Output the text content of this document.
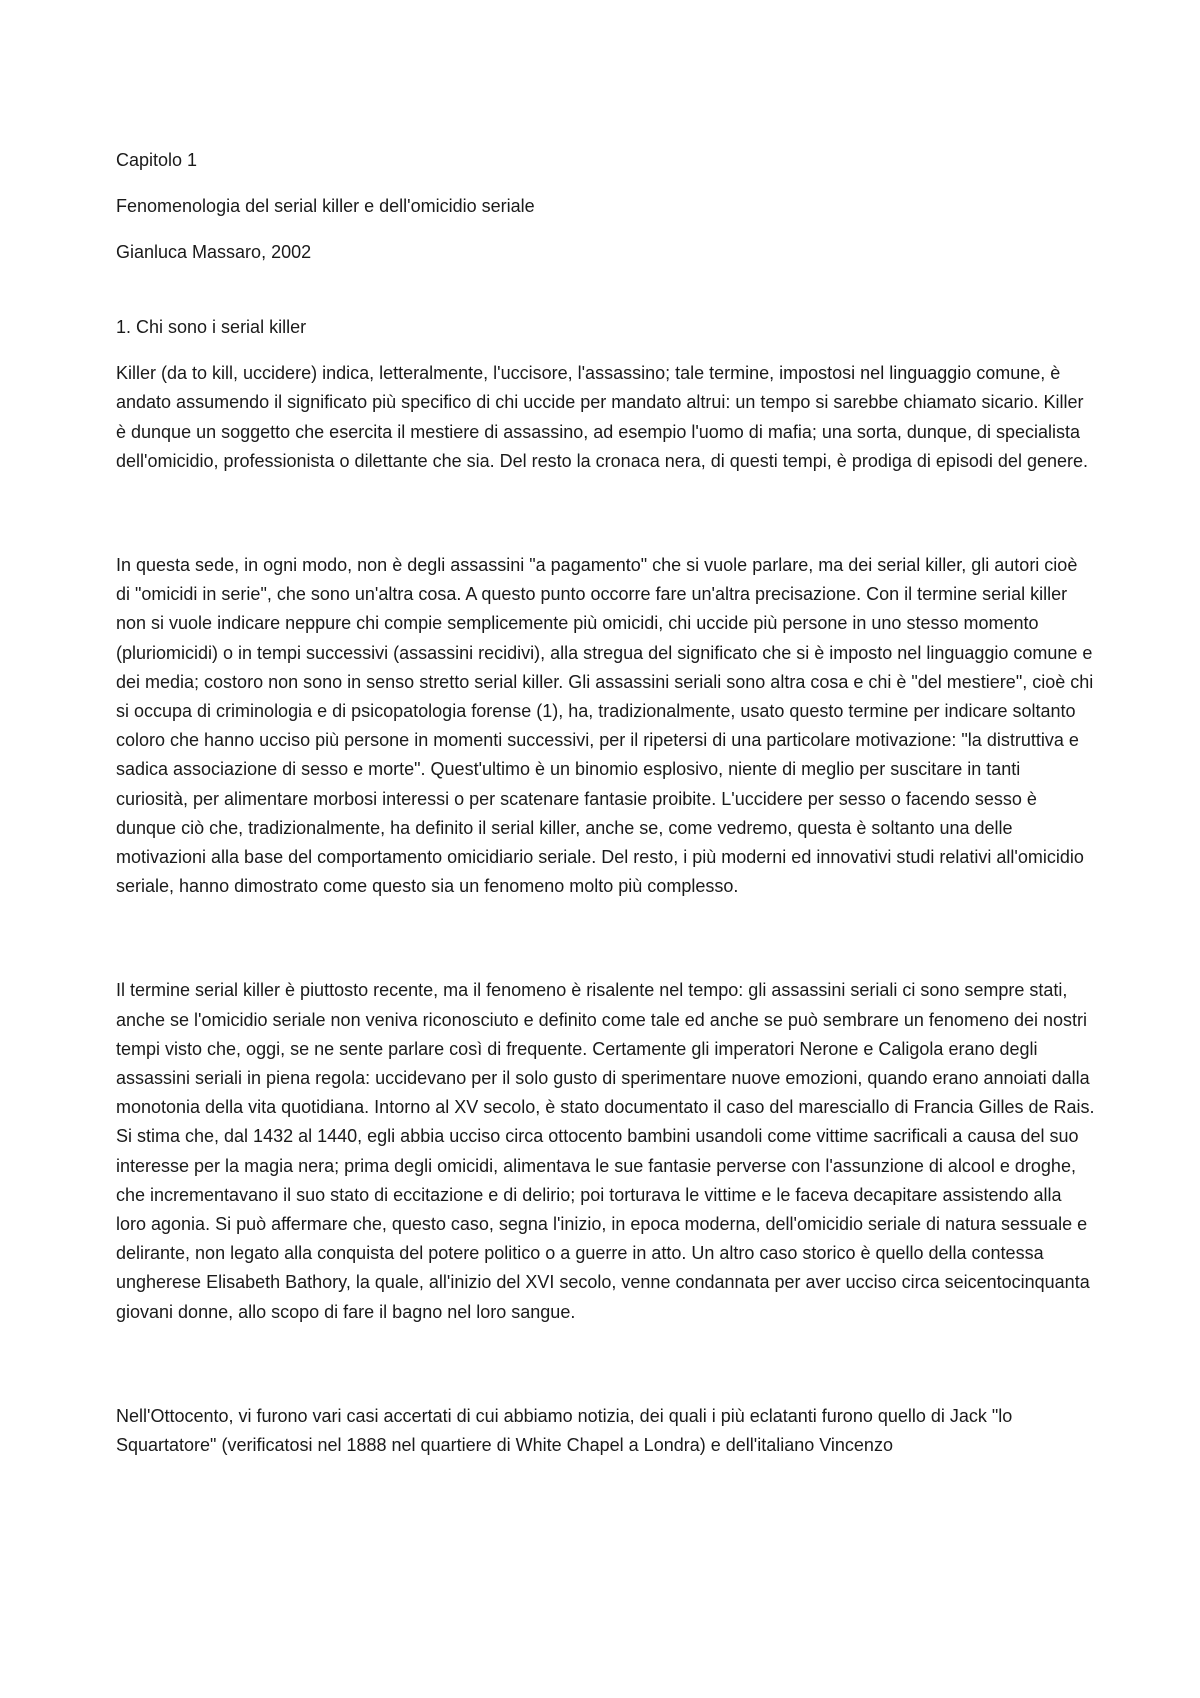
Capitolo 1

Fenomenologia del serial killer e dell'omicidio seriale

Gianluca Massaro, 2002

1. Chi sono i serial killer

Killer (da to kill, uccidere) indica, letteralmente, l'uccisore, l'assassino; tale termine, impostosi nel linguaggio comune, è andato assumendo il significato più specifico di chi uccide per mandato altrui: un tempo si sarebbe chiamato sicario. Killer è dunque un soggetto che esercita il mestiere di assassino, ad esempio l'uomo di mafia; una sorta, dunque, di specialista dell'omicidio, professionista o dilettante che sia. Del resto la cronaca nera, di questi tempi, è prodiga di episodi del genere.

In questa sede, in ogni modo, non è degli assassini "a pagamento" che si vuole parlare, ma dei serial killer, gli autori cioè di "omicidi in serie", che sono un'altra cosa. A questo punto occorre fare un'altra precisazione. Con il termine serial killer non si vuole indicare neppure chi compie semplicemente più omicidi, chi uccide più persone in uno stesso momento (pluriomicidi) o in tempi successivi (assassini recidivi), alla stregua del significato che si è imposto nel linguaggio comune e dei media; costoro non sono in senso stretto serial killer. Gli assassini seriali sono altra cosa e chi è "del mestiere", cioè chi si occupa di criminologia e di psicopatologia forense (1), ha, tradizionalmente, usato questo termine per indicare soltanto coloro che hanno ucciso più persone in momenti successivi, per il ripetersi di una particolare motivazione: "la distruttiva e sadica associazione di sesso e morte". Quest'ultimo è un binomio esplosivo, niente di meglio per suscitare in tanti curiosità, per alimentare morbosi interessi o per scatenare fantasie proibite. L'uccidere per sesso o facendo sesso è dunque ciò che, tradizionalmente, ha definito il serial killer, anche se, come vedremo, questa è soltanto una delle motivazioni alla base del comportamento omicidiario seriale. Del resto, i più moderni ed innovativi studi relativi all'omicidio seriale, hanno dimostrato come questo sia un fenomeno molto più complesso.

Il termine serial killer è piuttosto recente, ma il fenomeno è risalente nel tempo: gli assassini seriali ci sono sempre stati, anche se l'omicidio seriale non veniva riconosciuto e definito come tale ed anche se può sembrare un fenomeno dei nostri tempi visto che, oggi, se ne sente parlare così di frequente. Certamente gli imperatori Nerone e Caligola erano degli assassini seriali in piena regola: uccidevano per il solo gusto di sperimentare nuove emozioni, quando erano annoiati dalla monotonia della vita quotidiana. Intorno al XV secolo, è stato documentato il caso del maresciallo di Francia Gilles de Rais. Si stima che, dal 1432 al 1440, egli abbia ucciso circa ottocento bambini usandoli come vittime sacrificali a causa del suo interesse per la magia nera; prima degli omicidi, alimentava le sue fantasie perverse con l'assunzione di alcool e droghe, che incrementavano il suo stato di eccitazione e di delirio; poi torturava le vittime e le faceva decapitare assistendo alla loro agonia. Si può affermare che, questo caso, segna l'inizio, in epoca moderna, dell'omicidio seriale di natura sessuale e delirante, non legato alla conquista del potere politico o a guerre in atto. Un altro caso storico è quello della contessa ungherese Elisabeth Bathory, la quale, all'inizio del XVI secolo, venne condannata per aver ucciso circa seicentocinquanta giovani donne, allo scopo di fare il bagno nel loro sangue.

Nell'Ottocento, vi furono vari casi accertati di cui abbiamo notizia, dei quali i più eclatanti furono quello di Jack "lo Squartatore" (verificatosi nel 1888 nel quartiere di White Chapel a Londra) e dell'italiano Vincenzo
